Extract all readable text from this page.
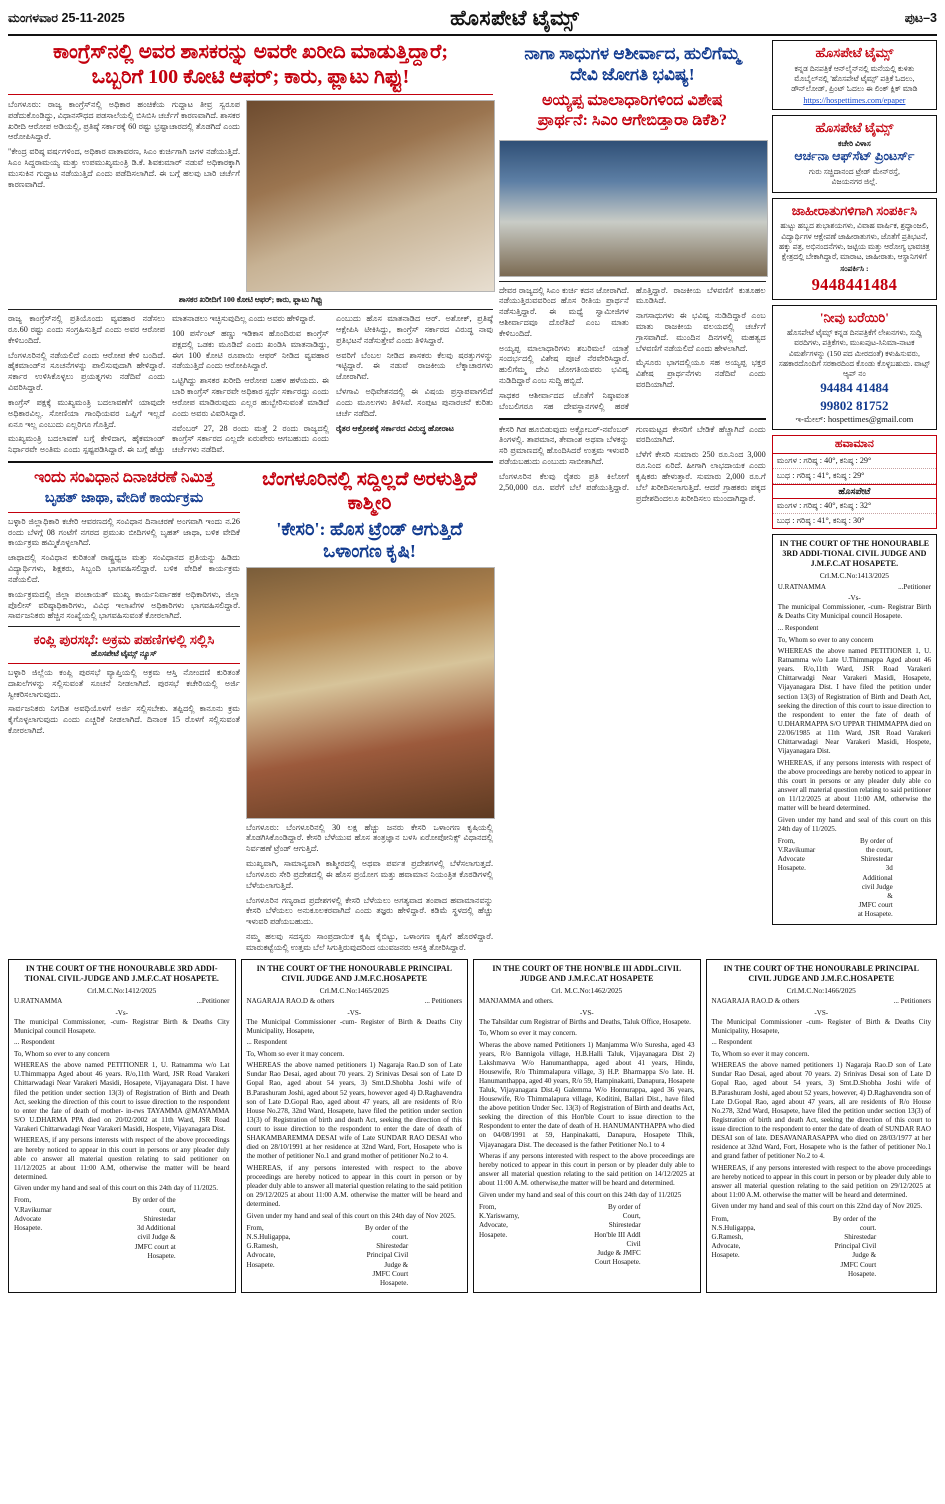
ಮಂಗಳವಾರ 25-11-2025	ಹೊಸಪೇಟೆ ಟೈಮ್ಸ್	ಪುಟ–3
ಕಾಂಗ್ರೆಸ್‌ನಲ್ಲಿ ಅವರ ಶಾಸಕರನ್ನು ಅವರೇ ಖರೀದಿ ಮಾಡುತ್ತಿದ್ದಾರೆ;
ಒಬ್ಬರಿಗೆ 100 ಕೋಟಿ ಆಫರ್‌; ಕಾರು, ಫ್ಲಾಟು ಗಿಫ್ಟು!
ಬೆಂಗಳೂರು: ರಾಜ್ಯ ಕಾಂಗ್ರೆಸ್‌ನಲ್ಲಿ ಅಧಿಕಾರ ಹಂಚಿಕೆಯ ಗುದ್ದಾಟ ತೀವ್ರ ಸ್ವರೂಪ ಪಡೆದುಕೊಂಡಿದ್ದು, ವಿಧಾನಸೌಧದ ಪಡಸಾಲೆಯಲ್ಲಿ ಬಿಸಿಬಿಸಿ ಚರ್ಚೆಗೆ ಕಾರಣವಾಗಿದೆ. ಶಾಸಕರ ಖರೀದಿ ಆರೋಪ ಅಡಿಯಲ್ಲಿ, ಪ್ರತಿಷ್ಠೆ ಸರ್ಕಾರಕ್ಕೆ 60 ರಷ್ಟು ಭ್ರಷ್ಟಾಚಾರದಲ್ಲಿ ತೊಡಗಿದೆ ಎಂದು ಆರೋಪಿಸಿದ್ದಾರೆ.
"ಕೇಂದ್ರ ವರಿಷ್ಠ ವರ್ಷಗಳಿಂದ, ಅಧಿಕಾರ ವಾತಾವರಣ, ಸಿಎಂ ಕುರ್ಚಿಗಾಗಿ ಜಗಳ ನಡೆಯುತ್ತಿದೆ. ಸಿಎಂ ಸಿದ್ದರಾಮಯ್ಯ ಮತ್ತು ಉಪಮುಖ್ಯಮಂತ್ರಿ ಡಿ.ಕೆ. ಶಿವಕುಮಾರ್ ನಡುವೆ ಅಧಿಕಾರಕ್ಕಾಗಿ ಮುಸುಕಿನ ಗುದ್ದಾಟ ನಡೆಯುತ್ತಿದೆ ಎಂದು ಪಡೆದಿಸಲಾಗಿದೆ. ಈ ಬಗ್ಗೆ ಹಲವು ಬಾರಿ ಚರ್ಚೆಗೆ ಕಾರಣವಾಗಿದೆ.
ಶಾಸಕರ ಖರೀದಿಗೆ 100 ಕೋಟಿ ಆಫರ್‌; ಕಾರು, ಫ್ಲಾಟು ಗಿಫ್ಟು
ರಾಜ್ಯ ಕಾಂಗ್ರೆಸ್‌ನಲ್ಲಿ ಪ್ರತಿಯೊಂದು ವ್ಯವಹಾರ ನಡೆಸಲು ರೂ.60 ರಷ್ಟು ಎಂದು ಸಂಗ್ರಹಿಸುತ್ತಿದೆ ಎಂದು ಅವರ ಆರೋಪ ಕೇಳಿಬಂದಿದೆ.
ಬೆಂಗಳೂರಿನಲ್ಲಿ ನಡೆಯಲಿದೆ ಎಂದು ಆರೋಪ ಕೇಳಿ ಬಂದಿದೆ. ಹೈಕಮಾಂಡ್‌ನ ಸೂಚನೆಗಳನ್ನು ಪಾಲಿಸುವುದಾಗಿ ಹೇಳಿದ್ದಾರೆ. ಸರ್ಕಾರ ಉಳಿಸಿಕೊಳ್ಳಲು ಪ್ರಯತ್ನಗಳು ನಡೆದಿವೆ ಎಂದು ವಿವರಿಸಿದ್ದಾರೆ.
ಕಾಂಗ್ರೆಸ್ ಪಕ್ಷಕ್ಕೆ ಮುಖ್ಯಮಂತ್ರಿ ಬದಲಾವಣೆಗೆ ಯಾವುದೇ ಅಧಿಕಾರವಿಲ್ಲ. ಸೋಣಿಯಾ ಗಾಂಧಿಯವರ ಒಪ್ಪಿಗೆ ಇಲ್ಲದೆ ಏನೂ ಇಲ್ಲ ಎಂಬುದು ಎಲ್ಲರಿಗೂ ಗೊತ್ತಿದೆ.
ಮುಖ್ಯಮಂತ್ರಿ ಬದಲಾವಣೆ ಬಗ್ಗೆ ಕೇಳಿದಾಗ, ಹೈಕಮಾಂಡ್ ನಿರ್ಧಾರವೇ ಅಂತಿಮ ಎಂದು ಸ್ಪಷ್ಟಪಡಿಸಿದ್ದಾರೆ. ಈ ಬಗ್ಗೆ ಹೆಚ್ಚು ಮಾತನಾಡಲು ಇಚ್ಛಿಸುವುದಿಲ್ಲ ಎಂದು ಅವರು ಹೇಳಿದ್ದಾರೆ.
100 ಪರ್ಸೆಂಟ್ ಹಣ್ಣು ಇಡಿಕಾಸ ಹೊಂದಿರುವ ಕಾಂಗ್ರೆಸ್ ಪಕ್ಷದಲ್ಲಿ ಒಡಕು ಮೂಡಿದೆ ಎಂದು ಖಂಡಿಸಿ ಮಾತನಾಡಿದ್ದು, ಈಗ 100 ಕೋಟಿ ರೂಪಾಯಿ ಆಫರ್ ನೀಡಿದ ವ್ಯವಹಾರ ನಡೆಯುತ್ತಿದೆ ಎಂದು ಆರೋಪಿಸಿದ್ದಾರೆ.
ಒಟ್ಟಿಗಿದ್ದು ಶಾಸಕರ ಖರೀದಿ ಆರೋಪ ಬಹಳ ಹಳೆಯದು. ಈ ಬಾರಿ ಕಾಂಗ್ರೆಸ್ ಸರ್ಕಾರವೇ ಅಧಿಕಾರ ಸ್ಪರ್ಧೆ ಸರ್ಕಾರದ್ದು ಎಂದು ಆರೋಪ ಮಾಡಿರುವುದು ಎಲ್ಲರ ಹುಬ್ಬೇರಿಸುವಂತೆ ಮಾಡಿದೆ ಎಂದು ಅವರು ವಿವರಿಸಿದ್ದಾರೆ.
ನವೆಂಬರ್ 27, 28 ರಂದು ಮತ್ತೆ 2 ರಂದು ರಾಜ್ಯದಲ್ಲಿ ಕಾಂಗ್ರೆಸ್ ಸರ್ಕಾರದ ಎಲ್ಲದೇ ಏರುಪೇರು ಆಗಬಹುದು ಎಂದು ಚರ್ಚೆಗಳು ನಡೆದಿವೆ.
ಎಂಬುದು ಹೊಸ ಮಾತನಾಡಿದ ಆರ್. ಅಶೋಕ್, ಪ್ರತಿಷ್ಠೆ ಆಕ್ಷೇಪಿಸಿ ಟೀಕಿಸಿದ್ದು, ಕಾಂಗ್ರೆಸ್ ಸರ್ಕಾರದ ವಿರುದ್ಧ ನಾವು ಪ್ರತಿಭಟನೆ ನಡೆಸುತ್ತೇವೆ ಎಂದು ತಿಳಿಸಿದ್ದಾರೆ.
ಅವರಿಗೆ ಬೆಂಬಲ ನೀಡಿದ ಶಾಸಕರು ಕೆಲವು ಷರತ್ತುಗಳನ್ನು ಇಟ್ಟಿದ್ದಾರೆ. ಈ ನಡುವೆ ರಾಜಕೀಯ ಲೆಕ್ಕಾಚಾರಗಳು ಜೋರಾಗಿವೆ.
ಬೆಳಗಾವಿ ಅಧಿವೇಶನದಲ್ಲಿ ಈ ವಿಷಯ ಪ್ರಸ್ತಾಪವಾಗಲಿದೆ ಎಂದು ಮೂಲಗಳು ತಿಳಿಸಿವೆ. ಸಂಪುಟ ಪುನಾರಚನೆ ಕುರಿತು ಚರ್ಚೆ ನಡೆದಿದೆ.
ರೈತರ ಆಕ್ರೋಶಕ್ಕೆ ಸರ್ಕಾರದ ವಿರುದ್ಧ ಹೋರಾಟ
ಇಂದು ಸಂವಿಧಾನ ದಿನಾಚರಣೆ ನಿಮಿತ್ತ
ಬೃಹತ್ ಜಾಥಾ, ವೇದಿಕೆ ಕಾರ್ಯಕ್ರಮ
ಬಳ್ಳಾರಿ ಜಿಲ್ಲಾಧಿಕಾರಿ ಕಚೇರಿ ಆವರಣದಲ್ಲಿ ಸಂವಿಧಾನ ದಿನಾಚರಣೆ ಅಂಗವಾಗಿ ಇಂದು ನ.26 ರಂದು ಬೆಳಗ್ಗೆ 08 ಗಂಟೆಗೆ ನಗರದ ಪ್ರಮುಖ ಬೀದಿಗಳಲ್ಲಿ ಬೃಹತ್ ಜಾಥಾ, ಬಳಿಕ ವೇದಿಕೆ ಕಾರ್ಯಕ್ರಮ ಹಮ್ಮಿಕೊಳ್ಳಲಾಗಿದೆ.
ಜಾಥಾದಲ್ಲಿ ಸಂವಿಧಾನ ಕುರಿತಂತೆ ರಾಷ್ಟ್ರಧ್ವಜ ಮತ್ತು ಸಂವಿಧಾನದ ಪ್ರತಿಯನ್ನು ಹಿಡಿದು ವಿದ್ಯಾರ್ಥಿಗಳು, ಶಿಕ್ಷಕರು, ಸಿಬ್ಬಂದಿ ಭಾಗವಹಿಸಲಿದ್ದಾರೆ. ಬಳಿಕ ವೇದಿಕೆ ಕಾರ್ಯಕ್ರಮ ನಡೆಯಲಿದೆ.
ಕಾರ್ಯಕ್ರಮದಲ್ಲಿ ಜಿಲ್ಲಾ ಪಂಚಾಯತ್ ಮುಖ್ಯ ಕಾರ್ಯನಿರ್ವಾಹಕ ಅಧಿಕಾರಿಗಳು, ಜಿಲ್ಲಾ ಪೊಲೀಸ್ ವರಿಷ್ಠಾಧಿಕಾರಿಗಳು, ವಿವಿಧ ಇಲಾಖೆಗಳ ಅಧಿಕಾರಿಗಳು ಭಾಗವಹಿಸಲಿದ್ದಾರೆ. ಸಾರ್ವಜನಿಕರು ಹೆಚ್ಚಿನ ಸಂಖ್ಯೆಯಲ್ಲಿ ಭಾಗವಹಿಸುವಂತೆ ಕೋರಲಾಗಿದೆ.
ಕಂಪ್ಲಿ ಪುರಸಭೆ: ಅಕ್ರಮ ಪಹಣಿಗಳಲ್ಲಿ ಸಲ್ಲಿಸಿ
ಹೊಸಪೇಟೆ ಟೈಮ್ಸ್ ನ್ಯೂಸ್
ಬಳ್ಳಾರಿ ಜಿಲ್ಲೆಯ ಕಂಪ್ಲಿ ಪುರಸಭೆ ವ್ಯಾಪ್ತಿಯಲ್ಲಿ ಅಕ್ರಮ ಆಸ್ತಿ ನೋಂದಣಿ ಕುರಿತಂತೆ ದಾಖಲೆಗಳನ್ನು ಸಲ್ಲಿಸುವಂತೆ ಸೂಚನೆ ನೀಡಲಾಗಿದೆ. ಪುರಸಭೆ ಕಚೇರಿಯಲ್ಲಿ ಅರ್ಜಿ ಸ್ವೀಕರಿಸಲಾಗುವುದು.
ಸಾರ್ವಜನಿಕರು ನಿಗದಿತ ಅವಧಿಯೊಳಗೆ ಅರ್ಜಿ ಸಲ್ಲಿಸಬೇಕು. ತಪ್ಪಿದಲ್ಲಿ ಕಾನೂನು ಕ್ರಮ ಕೈಗೊಳ್ಳಲಾಗುವುದು ಎಂದು ಎಚ್ಚರಿಕೆ ನೀಡಲಾಗಿದೆ. ದಿನಾಂಕ 15 ರೊಳಗೆ ಸಲ್ಲಿಸುವಂತೆ ಕೋರಲಾಗಿದೆ.
ಬೆಂಗಳೂರಿನಲ್ಲಿ ಸದ್ದಿಲ್ಲದೆ ಅರಳುತ್ತಿದೆ ಕಾಶ್ಮೀರಿ
'ಕೇಸರಿ': ಹೊಸ ಟ್ರೆಂಡ್ ಆಗುತ್ತಿದೆ ಒಳಾಂಗಣ ಕೃಷಿ!
ಬೆಂಗಳೂರು: ಬೆಂಗಳೂರಿನಲ್ಲಿ 30 ಲಕ್ಷ ಹೆಚ್ಚು ಜನರು ಕೇಸರಿ ಒಳಾಂಗಣ ಕೃಷಿಯಲ್ಲಿ ತೊಡಗಿಸಿಕೊಂಡಿದ್ದಾರೆ. ಕೇಸರಿ ಬೆಳೆಯುವ ಹೊಸ ತಂತ್ರಜ್ಞಾನ ಬಳಸಿ ಏರೋಪೋನಿಕ್ಸ್ ವಿಧಾನದಲ್ಲಿ ನಿರ್ವಹಣೆ ಟ್ರೆಂಡ್ ಆಗುತ್ತಿದೆ.
ಮುಖ್ಯವಾಗಿ, ಸಾಮಾನ್ಯವಾಗಿ ಕಾಶ್ಮೀರದಲ್ಲಿ ಅಥವಾ ಪರ್ವತ ಪ್ರದೇಶಗಳಲ್ಲಿ ಬೆಳೆಸಲಾಗುತ್ತದೆ. ಬೆಂಗಳೂರು ಸೇರಿ ಪ್ರದೇಶದಲ್ಲಿ ಈ ಹೊಸ ಪ್ರಯೋಗ ಮತ್ತು ಹವಾಮಾನ ನಿಯಂತ್ರಿತ ಕೊಠಡಿಗಳಲ್ಲಿ ಬೆಳೆಯಲಾಗುತ್ತಿದೆ.
ಬೆಂಗಳೂರಿನ ಗಣ್ಯರಾದ ಪ್ರದೇಶಗಳಲ್ಲಿ ಕೇಸರಿ ಬೆಳೆಯಲು ಅಗತ್ಯವಾದ ತಂಪಾದ ಹವಾಮಾನವನ್ನು ಕೇಸರಿ ಬೆಳೆಯಲು ಅನುಕೂಲಕರವಾಗಿದೆ ಎಂದು ತಜ್ಞರು ಹೇಳಿದ್ದಾರೆ. ಕಡಿಮೆ ಸ್ಥಳದಲ್ಲಿ ಹೆಚ್ಚು ಇಳುವರಿ ಪಡೆಯಬಹುದು.
ನಮ್ಮ ಹಲವು ಸದಸ್ಯರು ಸಾಂಪ್ರದಾಯಿಕ ಕೃಷಿ ಕೈಬಿಟ್ಟು, ಒಳಾಂಗಣ ಕೃಷಿಗೆ ಹೊರಳಿದ್ದಾರೆ. ಮಾರುಕಟ್ಟೆಯಲ್ಲಿ ಉತ್ತಮ ಬೆಲೆ ಸಿಗುತ್ತಿರುವುದರಿಂದ ಯುವಜನರು ಆಸಕ್ತಿ ತೋರಿಸಿದ್ದಾರೆ.
ನಾಗಾ ಸಾಧುಗಳ ಆಶೀರ್ವಾದ, ಹುಲಿಗೆಮ್ಮ
ದೇವಿ ಜೋಗತಿ ಭವಿಷ್ಯ!
ಅಯ್ಯಪ್ಪ ಮಾಲಾಧಾರಿಗಳಿಂದ ವಿಶೇಷ
ಪ್ರಾರ್ಥನೆ: ಸಿಎಂ ಆಗೇಬಿಡ್ತಾರಾ ಡಿಕೆಶಿ?
ದೇವರ ರಾಜ್ಯದಲ್ಲಿ ಸಿಎಂ ಕುರ್ಚಿ ಕದನ ಜೋರಾಗಿದೆ. ನಡೆಯುತ್ತಿರುವವರಿಂದ ಹೊಸ ರೀತಿಯ ಪ್ರಾರ್ಥನೆ ನಡೆಸುತ್ತಿದ್ದಾರೆ. ಈ ಮಧ್ಯೆ ಸ್ವಾಮೀಜಿಗಳ ಆಶೀರ್ವಾದವೂ ದೊರೆತಿದೆ ಎಂಬ ಮಾತು ಕೇಳಿಬಂದಿದೆ.
ಅಯ್ಯಪ್ಪ ಮಾಲಾಧಾರಿಗಳು ಶಬರಿಮಲೆ ಯಾತ್ರೆ ಸಂದರ್ಭದಲ್ಲಿ ವಿಶೇಷ ಪೂಜೆ ನೆರವೇರಿಸಿದ್ದಾರೆ. ಹುಲಿಗೆಮ್ಮ ದೇವಿ ಜೋಗತಿಯವರು ಭವಿಷ್ಯ ನುಡಿದಿದ್ದಾರೆ ಎಂಬ ಸುದ್ದಿ ಹಬ್ಬಿದೆ.
ಸಾಧಕರ ಆಶೀರ್ವಾದದ ಜೊತೆಗೆ ನಿಷ್ಠಾವಂತ ಬೆಂಬಲಿಗರೂ ಸಹ ದೇವಸ್ಥಾನಗಳಲ್ಲಿ ಹರಕೆ ಹೊತ್ತಿದ್ದಾರೆ. ರಾಜಕೀಯ ಬೆಳವಣಿಗೆ ಕುತೂಹಲ ಮೂಡಿಸಿದೆ.
ನಾಗಸಾಧುಗಳು ಈ ಭವಿಷ್ಯ ನುಡಿದಿದ್ದಾರೆ ಎಂಬ ಮಾತು ರಾಜಕೀಯ ವಲಯದಲ್ಲಿ ಚರ್ಚೆಗೆ ಗ್ರಾಸವಾಗಿದೆ. ಮುಂದಿನ ದಿನಗಳಲ್ಲಿ ಮಹತ್ವದ ಬೆಳವಣಿಗೆ ನಡೆಯಲಿದೆ ಎಂದು ಹೇಳಲಾಗಿದೆ.
ಮೈಸೂರು ಭಾಗದಲ್ಲಿಯೂ ಸಹ ಅಯ್ಯಪ್ಪ ಭಕ್ತರ ವಿಶೇಷ ಪ್ರಾರ್ಥನೆಗಳು ನಡೆದಿವೆ ಎಂದು ವರದಿಯಾಗಿದೆ.
ಕೇಸರಿ ಗಿಡ ಹೂಬಿಡುವುದು ಅಕ್ಟೋಬರ್-ನವೆಂಬರ್ ತಿಂಗಳಲ್ಲಿ. ತಾಪಮಾನ, ತೇವಾಂಶ ಅಥವಾ ಬೆಳಕನ್ನು ಸರಿ ಪ್ರಮಾಣದಲ್ಲಿ ಹೊಂದಿಸಿದರೆ ಉತ್ತಮ ಇಳುವರಿ ಪಡೆಯಬಹುದು ಎಂಬುದು ಸಾಬೀತಾಗಿದೆ.
ಬೆಂಗಳೂರಿನ ಕೆಲವು ರೈತರು ಪ್ರತಿ ಕಿಲೋಗೆ 2,50,000 ರೂ. ವರೆಗೆ ಬೆಲೆ ಪಡೆಯುತ್ತಿದ್ದಾರೆ. ಗುಣಮಟ್ಟದ ಕೇಸರಿಗೆ ಬೇಡಿಕೆ ಹೆಚ್ಚಾಗಿದೆ ಎಂದು ವರದಿಯಾಗಿದೆ.
ಬೆಳೆಗೆ ಕೇಸರಿ ಸುಮಾರು 250 ರೂ.ನಿಂದ 3,000 ರೂ.ನಿಂದ ಏರಿದೆ. ಹೀಗಾಗಿ ಲಾಭದಾಯಕ ಎಂದು ಕೃಷಿಕರು ಹೇಳುತ್ತಾರೆ. ಸುಮಾರು 2,000 ರೂ.ಗೆ ಬೆಲೆ ಖರೀದಿಸಲಾಗುತ್ತಿದೆ. ಆದರೆ ಗ್ರಾಹಕರು ಪಕ್ಕದ ಪ್ರದೇಶದಿಂದಲೂ ಖರೀದಿಸಲು ಮುಂದಾಗಿದ್ದಾರೆ.
ಹೊಸಪೇಟೆ ಟೈಮ್ಸ್
ಕನ್ನಡ ದಿನಪತ್ರಿಕೆ ಆನ್‌ಲೈನ್‌ನಲ್ಲಿ ಮನೆಯಲ್ಲಿ ಕುಳಿತು ಮೊಬೈಲ್‌ನಲ್ಲಿ 'ಹೊಸಪೇಟೆ ಟೈಮ್ಸ್' ಪತ್ರಿಕೆ ಓದಲು, ಡೌನ್‌ಲೋಡ್, ಪ್ರಿಂಟ್ ಓದಲು ಈ ಲಿಂಕ್ ಕ್ಲಿಕ್ ಮಾಡಿ
https://hospettimes.com/epaper
ಹೊಸಪೇಟೆ ಟೈಮ್ಸ್
ಕಚೇರಿ ವಿಳಾಸ
ಆರ್ಚನಾ ಆಫ್‌ಸೆಟ್ ಪ್ರಿಂಟರ್ಸ್
ಗುರು ಸಚ್ಚಿದಾನಂದ ಟ್ರೇಡ್ ಮೇನ್‌ರಸ್ತೆ,
ವಿಜಯನಗರ ಜಿಲ್ಲೆ.
ಜಾಹೀರಾತುಗಳಿಗಾಗಿ ಸಂಪರ್ಕಿಸಿ
ಹುಟ್ಟು ಹಬ್ಬದ ಶುಭಾಶಯಗಳು, ವಿವಾಹ ವಾರ್ಷಿಕ, ಶ್ರದ್ಧಾಂಜಲಿ, ವಿದ್ಯಾರ್ಥಿಗಳ ಆಕ್ಷೇಪಣೆ ಜಾಹೀರಾತುಗಳು, ಜೊತೆಗೆ ಪ್ರತಿಭಟನೆ, ಹಕ್ಕು ಪತ್ರ, ಅಭಿನಂದನೆಗಳು, ಜಟ್ಟಿಯ ಮತ್ತು ಆರೋಗ್ಯ ಭಾವಚಿತ್ರ ಕ್ಷೇತ್ರದಲ್ಲಿ ಬೇಕಾಗಿದ್ದಾರೆ, ಮಾರಾಟ, ಜಾಹೀರಾತು, ಆಸ್ಥಾನಿಗಳಿಗೆ
ಸಂಪರ್ಕಿಸಿ :
9448441484
'ನೀವು ಬರೆಯಿರಿ'
ಹೊಸಪೇಟೆ ಟೈಮ್ಸ್ ಕನ್ನಡ ದಿನಪತ್ರಿಕೆಗೆ ಲೇಖನಗಳು, ಸುದ್ದಿ ವರದಿಗಳು, ಪತ್ರಿಕೆಗಳು, ಮುಖಪುಟ-ಸಿನಿಮಾ-ನಾಟಕ ವಿಮರ್ಶೆಗಳನ್ನು (150 ಪದ ಮೀರದಂತೆ) ಕಳುಹಿಸುವರು, ಸಹಕಾರದೊಂದಿಗೆ ಸರಕಾರದಿಂದ ಕೊಂಡು ಕೊಳ್ಳಬಹುದು. ವಾಟ್ಸ್ ಆ್ಯಪ್ ನಂ
94484 41484
99802 81752
ಇ-ಮೇಲ್: hospettimes@gmail.com
ಹವಾಮಾನ
ಮಂಗಳ : ಗರಿಷ್ಠ : 40°, ಕನಿಷ್ಠ : 29°
ಬುಧ : ಗರಿಷ್ಠ : 41°, ಕನಿಷ್ಠ : 29°
ಹೊಸಪೇಟೆ
ಮಂಗಳ : ಗರಿಷ್ಠ : 40°, ಕನಿಷ್ಠ : 32°
ಬುಧ : ಗರಿಷ್ಠ : 41°, ಕನಿಷ್ಠ : 30°
IN THE COURT OF THE HONOURABLE 3RD ADDI-TIONAL CIVIL JUDGE AND J.M.F.C.AT HOSAPETE.
Crl.M.C.No:1413/2025

U.RATNAMMA	...Petitioner

-Vs-

The municipal Commissioner, -cum- Registrar Birth & Deaths City Municipal council Hosapete.

... Respondent

To, Whom so ever to any concern

WHEREAS the above named PETITIONER 1, U. Ratnamma w/o Late U.Thimmappa Aged about 46 years. R/o,11th Ward, JSR Road Varakeri Chittarwadgi Near Varakeri Masidi, Hosapete, Vijayanagara Dist. I have filed the petition under section 13(3) of Registration of Birth and Death Act, seeking the direction of this court to issue direction to the respondent to enter the fate of death of U.DHARMAPPA S/O UPPAR THIMMAPPA died on 22/06/1985 at 11th Ward, JSR Road Varakeri Chittarwadagi Near Varakeri Masidi, Hospete, Vijayanagara Dist.

WHEREAS, if any persons interests with respect of the above proceedings are hereby noticed to appear in this court in persons or any pleader duly able co answer all material question relating to said petitioner on 11/12/2025 at about 11:00 AM, otherwise the matter will be heard determined.

Given under my hand and seal of this court on this 24th day of 11/2025.

From,
V.Ravikumar
Advocate Hosapete.
By order of the court,
Shirestedar
3d Additional civil Judge &
JMFC court at Hosapete.
IN THE COURT OF THE HONOURABLE 3RD ADDI-TIONAL CIVIL-JUDGE AND J.M.F.C.AT HOSAPETE.
Crl.M.C.No:1412/2025

U.RATNAMMA	...Petitioner

-Vs-

The municipal Commissioner, -cum- Registrar Birth & Deaths City Municipal council Hosapete.

... Respondent

To, Whom so ever to any concern

WHEREAS the above named PETITIONER 1, U. Ratnamma w/o Lat U.Thimmappa Aged about 46 years. R/o,11th Ward, JSR Road Varakeri Chittarwadagi Near Varakeri Masidi, Hosapete, Vijayanagara Dist. I have filed the petition under section 13(3) of Registration of Birth and Death Act, seeking the direction of this court to issue direction to the respondent to enter the fate of death of mother- in-rws TAYAMMA @MAYAMMA S/O U.DHARMA PPA died on 20/02/2002 at 11th Ward, JSR Road Varakeri Chittarwadagi Near Varakeri Masidi, Hospete, Vijayanagara Dist.

WHEREAS, if any persons interests with respect of the above proceedings are hereby noticed to appear in this court in persons or any pleader duly able co answer all material question relating to said petitioner on 11/12/2025 at about 11:00 A.M, otherwise the matter will be heard determined.

Given under my hand and seal of this court on this 24th day of 11/2025.

From,
V.Ravikumar
Advocate Hosapete.
By order of the court,
Shirestedar
3d Additional civil Judge &
JMFC court at Hosapete.
IN THE COURT OF THE HONOURABLE PRINCIPAL CIVIL JUDGE AND J.M.F.C.HOSAPETE
Crl.M.C.No:1465/2025

NAGARAJA RAO.D & others	... Petitioners

-VS-

The Municipal Commissioner -cum- Register of Birth & Deaths City Municipality, Hosapete,

... Respondent

To, Whom so ever it may concern.

WHEREAS the above named petitioners 1) Nagaraja Rao.D son of Late Sundar Rao Desai, aged about 70 years. 2) Srinivas Desai son of Late D Gopal Rao, aged about 54 years, 3) Smt.D.Shobha Joshi wife of B.Parashuram Joshi, aged about 52 years, however aged 4) D.Raghavendra son of Late D.Gopal Rao, aged about 47 years, all are residents of R/o House No.278, 32nd Ward, Hosapete, have filed the petition under section 13(3) of Registration of birth and death Act, seeking the direction of this court to issue direction to the respondent to enter the date of death of SHAKAMBAREMMA DESAI wife of Late SUNDAR RAO DESAI who died on 28/10/1991 at her residence at 32nd Ward, Fort, Hosapete who is the mother of petitioner No.1 and grand mother of petitioner No.2 to 4.

WHEREAS, if any persons interested with respect to the above proceedings are hereby noticed to appear in this court in person or by pleader duly able to answer all material question relating to the said petition on 29/12/2025 at about 11:00 A.M. otherwise the matter will be heard and determined.

Given under my hand and seal of this court on this 24th day of Nov 2025.

From,
N.S.Huligappa,
G.Ramesh,
Advocate, Hosapete.
By order of the court.
Shirestedar
Principal Civil Judge &
JMFC Court Hosapete.
IN THE COURT OF THE HON'BLE III ADDL.CIVIL JUDGE AND J.M.F.C.AT HOSAPETE
Crl. M.C.No:1462/2025

MANJAMMA and others.

-VS-

The Tahsildar cum Registrar of Births and Deaths, Taluk Office, Hosapete.

To, Whom so ever it may concern.

Wheras the above named Petitioners 1) Manjamma W/o Suresha, aged 43 years, R/o Bannigola village, H.B.Halli Taluk, Vijayanagara Dist 2) Lakshmavva W/o Hanumanthappa, aged about 41 years, Hindu, Housewife, R/o Thimmalapura village, 3) H.P. Bharmappa S/o late. H. Hanumanthappa, aged 40 years, R/o 59, Hampinakatti, Danapura, Hosapete Taluk, Vijayanagara Dist.4) Galemma W/o Honnurappa, aged 36 years, Housewife, R/o Thimmalapura village, Koditini, Ballari Dist., have filed the above petition Under Sec. 13(3) of Registration of Birth and deaths Act, seeking the direction of this Hon'ble Court to issue direction to the Respondent to enter the date of death of H. HANUMANTHAPPA who died on 04/08/1991 at 59, Hanpinakatti, Danapura, Hosapete Tlhik, Vijayanagara Dist. The deceased is the father Petitioner No.1 to 4

Wheras if any persons interested with respect to the above proceedings are hereby noticed to appear in this court in person or by pleader duly able to answer all material question relating to the said petition on 14/12/2025 at about 11:00 A.M. otherwise,the matter will be heard and determined.

Given under my hand and seal of this court on this 24th day of 11/2025

From,
K.Yariswamy,
Advocate, Hosapete.
By order of Court,
Shirestedar
Hon'ble III Addl Civil
Judge & JMFC Court Hosapete.
IN THE COURT OF THE HONOURABLE PRINCIPAL CIVIL JUDGE AND J.M.F.C.HOSAPETE
Crl.M.C.No:1466/2025

NAGARAJA RAO.D & others	... Petitioners

-VS-

The Municipal Commissioner -cum- Register of Birth & Deaths City Municipality, Hosapete,

... Respondent

To, Whom so ever it may concern.

WHEREAS the above named petitioners 1) Nagaraja Rao.D son of Late Sundar Rao Desai, aged about 70 years. 2) Srinivas Desai son of Late D Gopal Rao, aged about 54 years, 3) Smt.D.Shobha Joshi wife of B.Parashuram Joshi, aged about 52 years, however, 4) D.Raghavendra son of Late D.Gopal Rao, aged about 47 years, all are residents of R/o House No.278, 32nd Ward, Hosapete, have filed the petition under section 13(3) of Registration of birth and death Act, seeking the direction of this court to issue direction to the respondent to enter the date of death of SUNDAR RAO DESAI son of late. DESAVANARASAPPA who died on 28/03/1977 at her residence at 32nd Ward, Fort, Hosapete who is the father of petitioner No.1 and grand father of petitioner No.2 to 4.

WHEREAS, if any persons interested with respect to the above proceedings are hereby noticed to appear in this court in person or by pleader duly able to answer all material question relating to the said petition on 29/12/2025 at about 11:00 A.M. otherwise the matter will be heard and determined.

Given under my hand and seal of this court on this 22nd day of Nov 2025.

From,
N.S.Huligappa,
G.Ramesh,
Advocate, Hosapete.
By order of the court.
Shirestedar
Principal Civil Judge &
JMFC Court Hosapete.
